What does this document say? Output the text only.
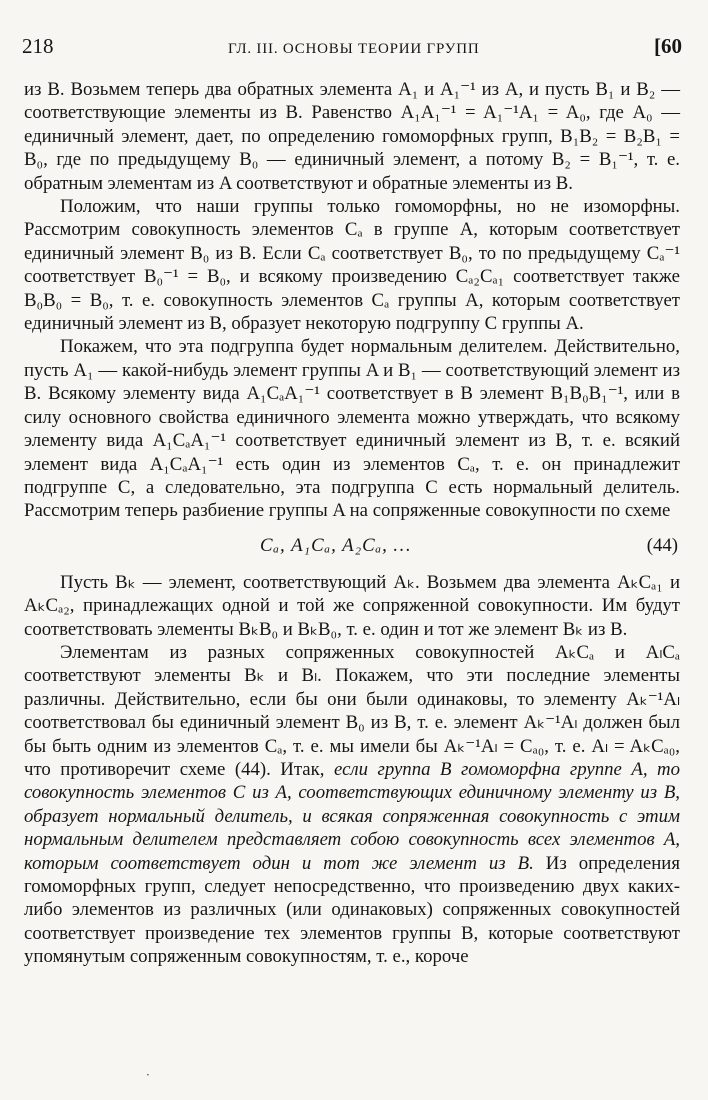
218	ГЛ. III. ОСНОВЫ ТЕОРИИ ГРУПП	[60

из B. Возьмем теперь два обратных элемента A₁ и A₁⁻¹ из A, и пусть B₁ и B₂ — соответствующие элементы из B. Равенство A₁A₁⁻¹ = A₁⁻¹A₁ = A₀, где A₀ — единичный элемент, дает, по определению гомоморфных групп, B₁B₂ = B₂B₁ = B₀, где по предыдущему B₀ — единичный элемент, а потому B₂ = B₁⁻¹, т. е. обратным элементам из A соответствуют и обратные элементы из B.

Положим, что наши группы только гомоморфны, но не изоморфны. Рассмотрим совокупность элементов Cₐ в группе A, которым соответствует единичный элемент B₀ из B. Если Cₐ соответствует B₀, то по предыдущему Cₐ⁻¹ соответствует B₀⁻¹ = B₀, и всякому произведению Cₐ₂Cₐ₁ соответствует также B₀B₀ = B₀, т. е. совокупность элементов Cₐ группы A, которым соответствует единичный элемент из B, образует некоторую подгруппу C группы A.

Покажем, что эта подгруппа будет нормальным делителем. Действительно, пусть A₁ — какой-нибудь элемент группы A и B₁ — соответствующий элемент из B. Всякому элементу вида A₁CₐA₁⁻¹ соответствует в B элемент B₁B₀B₁⁻¹, или в силу основного свойства единичного элемента можно утверждать, что всякому элементу вида A₁CₐA₁⁻¹ соответствует единичный элемент из B, т. е. всякий элемент вида A₁CₐA₁⁻¹ есть один из элементов Cₐ, т. е. он принадлежит подгруппе C, а следовательно, эта подгруппа C есть нормальный делитель. Рассмотрим теперь разбиение группы A на сопряженные совокупности по схеме

Cₐ, A₁Cₐ, A₂Cₐ, …	(44)

Пусть Bₖ — элемент, соответствующий Aₖ. Возьмем два элемента AₖCₐ₁ и AₖCₐ₂, принадлежащих одной и той же сопряженной совокупности. Им будут соответствовать элементы BₖB₀ и BₖB₀, т. е. один и тот же элемент Bₖ из B.

Элементам из разных сопряженных совокупностей AₖCₐ и AₗCₐ соответствуют элементы Bₖ и Bₗ. Покажем, что эти последние элементы различны. Действительно, если бы они были одинаковы, то элементу Aₖ⁻¹Aₗ соответствовал бы единичный элемент B₀ из B, т. е. элемент Aₖ⁻¹Aₗ должен был бы быть одним из элементов Cₐ, т. е. мы имели бы Aₖ⁻¹Aₗ = Cₐ₀, т. е. Aₗ = AₖCₐ₀, что противоречит схеме (44). Итак, если группа B гомоморфна группе A, то совокупность элементов C из A, соответствующих единичному элементу из B, образует нормальный делитель, и всякая сопряженная совокупность с этим нормальным делителем представляет собою совокупность всех элементов A, которым соответствует один и тот же элемент из B. Из определения гомоморфных групп, следует непосредственно, что произведению двух каких-либо элементов из различных (или одинаковых) сопряженных совокупностей соответствует произведение тех элементов группы B, которые соответствуют упомянутым сопряженным совокупностям, т. е., короче

·
